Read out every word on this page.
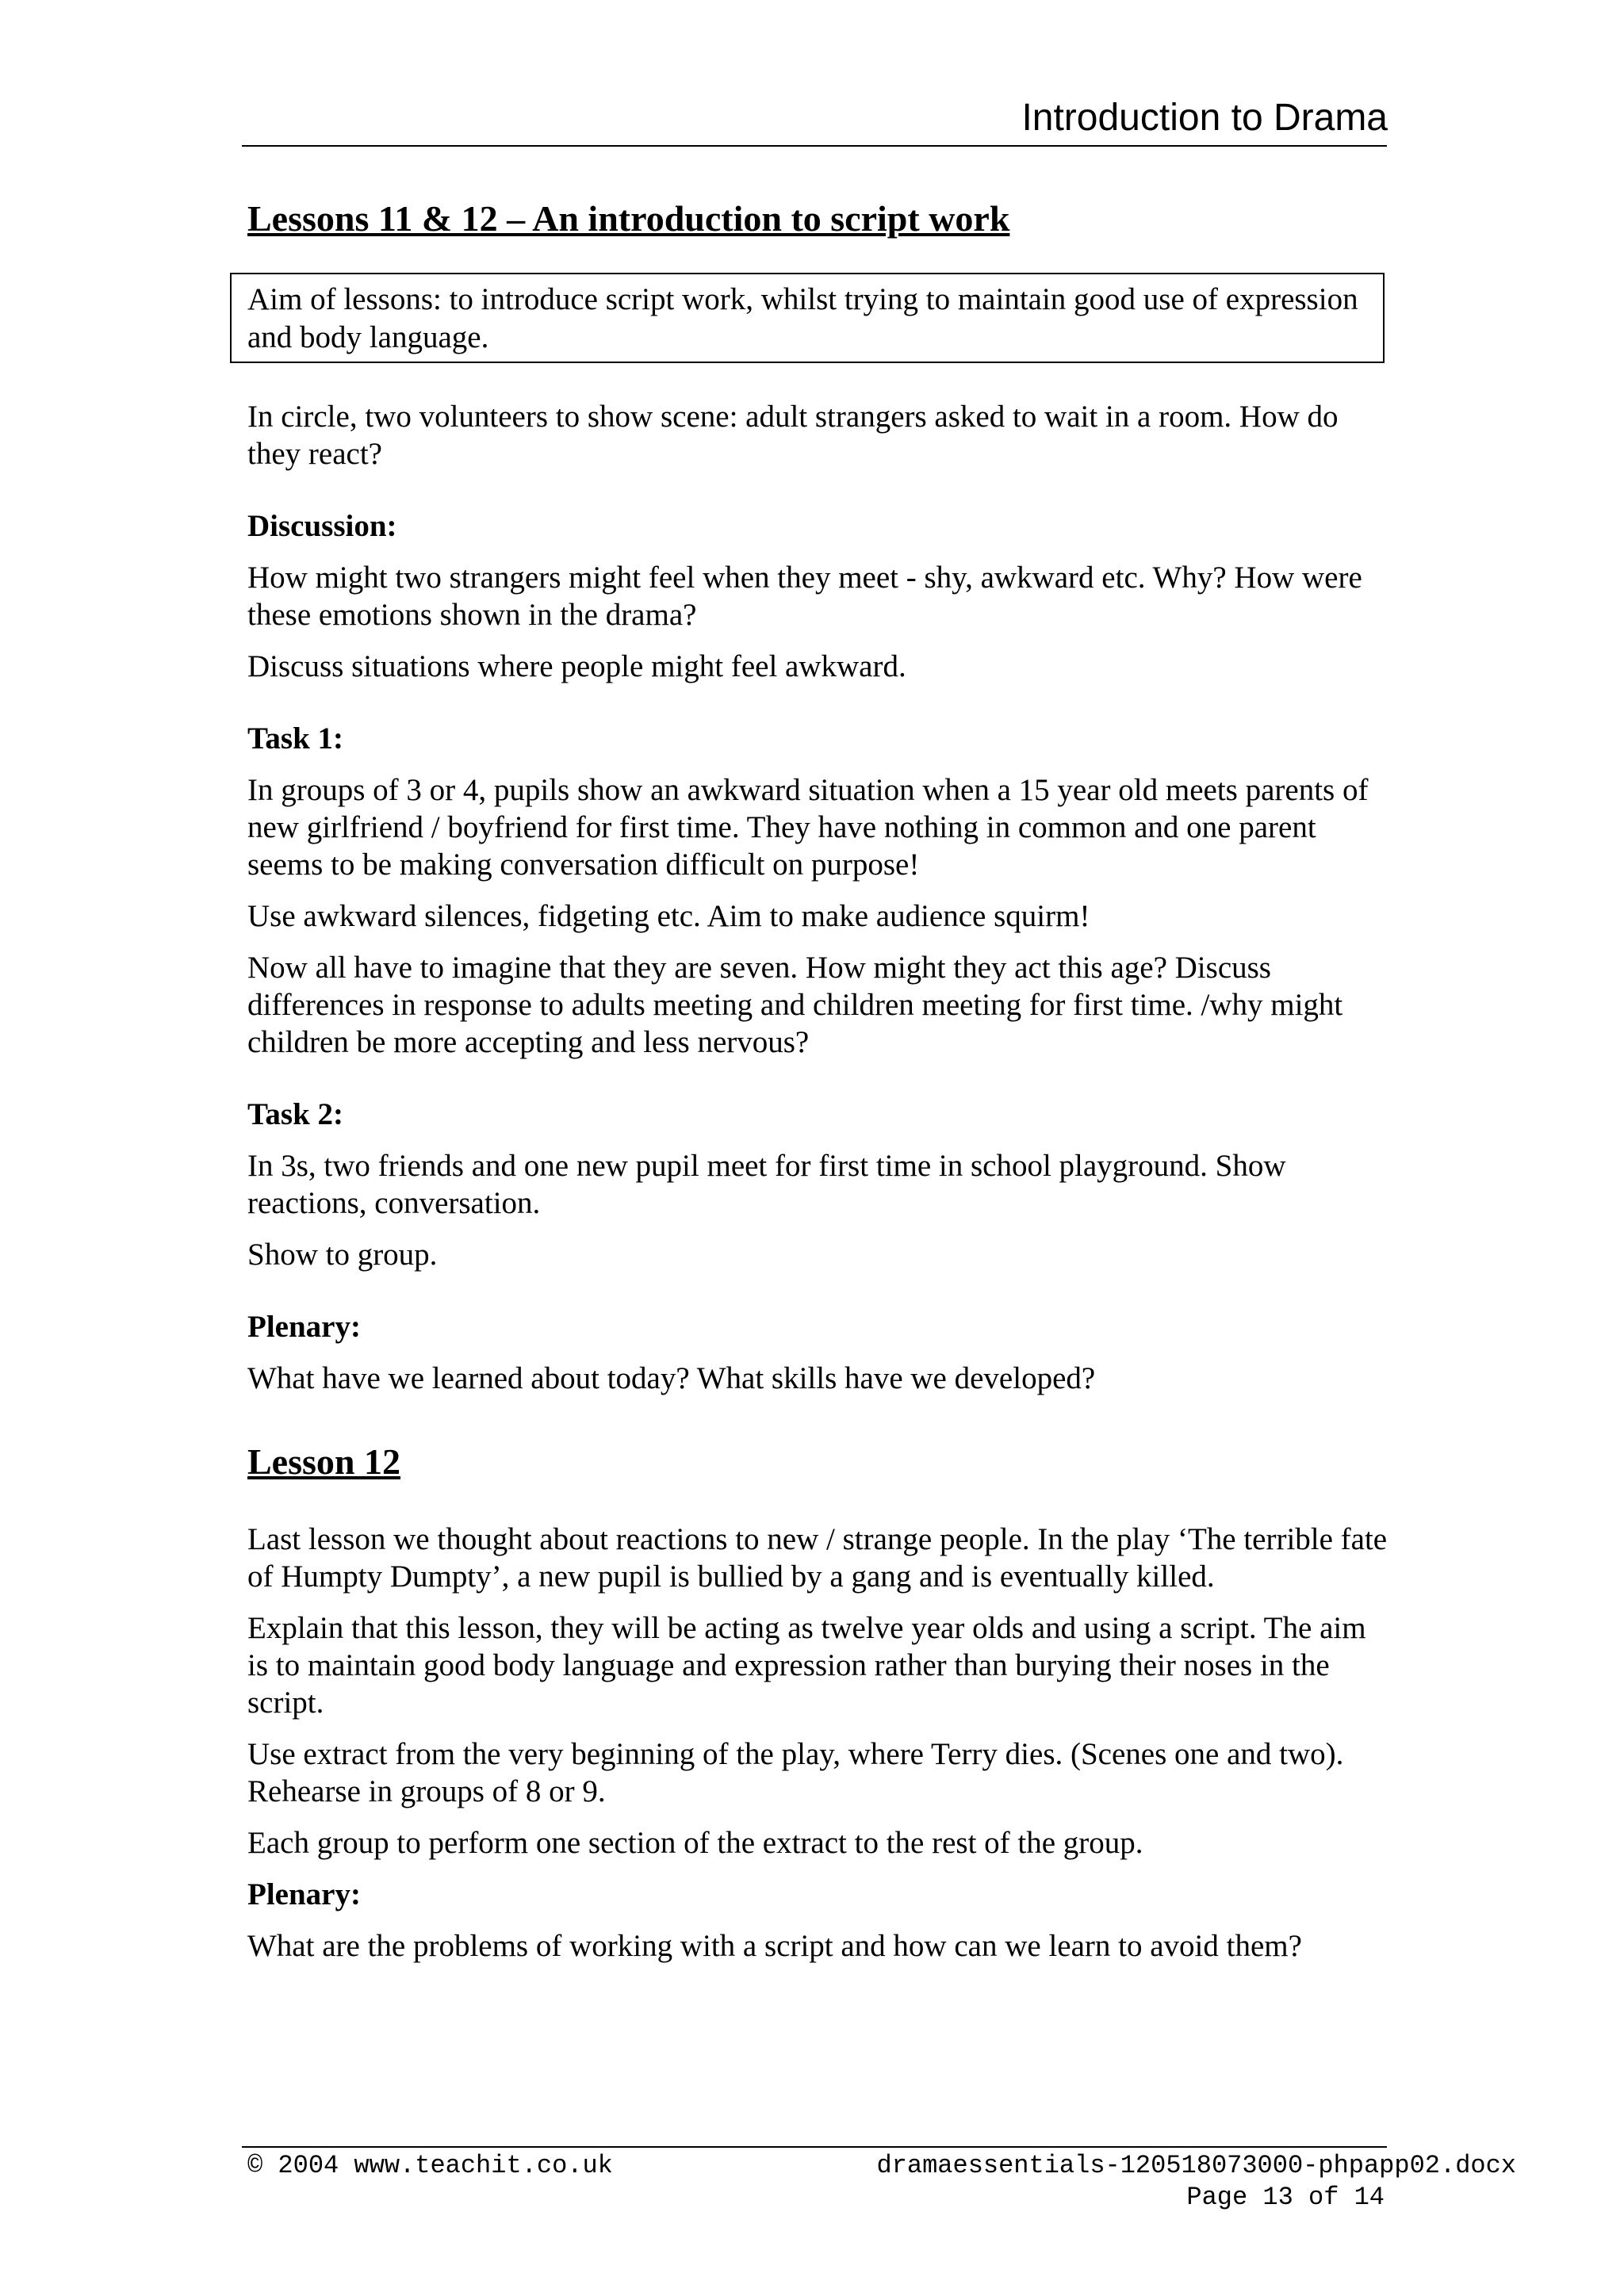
Introduction to Drama
Lessons 11 & 12 – An introduction to script work
Aim of lessons: to introduce script work, whilst trying to maintain good use of expression and body language.

In circle, two volunteers to show scene: adult strangers asked to wait in a room. How do they react?

Discussion:

How might two strangers might feel when they meet - shy, awkward etc. Why? How were these emotions shown in the drama?

Discuss situations where people might feel awkward.

Task 1:

In groups of 3 or 4, pupils show an awkward situation when a 15 year old meets parents of new girlfriend / boyfriend for first time. They have nothing in common and one parent seems to be making conversation difficult on purpose!

Use awkward silences, fidgeting etc. Aim to make audience squirm!

Now all have to imagine that they are seven. How might they act this age? Discuss differences in response to adults meeting and children meeting for first time. /why might children be more accepting and less nervous?

Task 2:

In 3s, two friends and one new pupil meet for first time in school playground. Show reactions, conversation.

Show to group.

Plenary:

What have we learned about today? What skills have we developed?

Lesson 12

Last lesson we thought about reactions to new / strange people. In the play ‘The terrible fate of Humpty Dumpty’, a new pupil is bullied by a gang and is eventually killed.

Explain that this lesson, they will be acting as twelve year olds and using a script. The aim is to maintain good body language and expression rather than burying their noses in the script.

Use extract from the very beginning of the play, where Terry dies. (Scenes one and two). Rehearse in groups of 8 or 9.

Each group to perform one section of the extract to the rest of the group.

Plenary:

What are the problems of working with a script and how can we learn to avoid them?

© 2004 www.teachit.co.uk	dramaessentials-120518073000-phpapp02.docx
Page 13 of 14
